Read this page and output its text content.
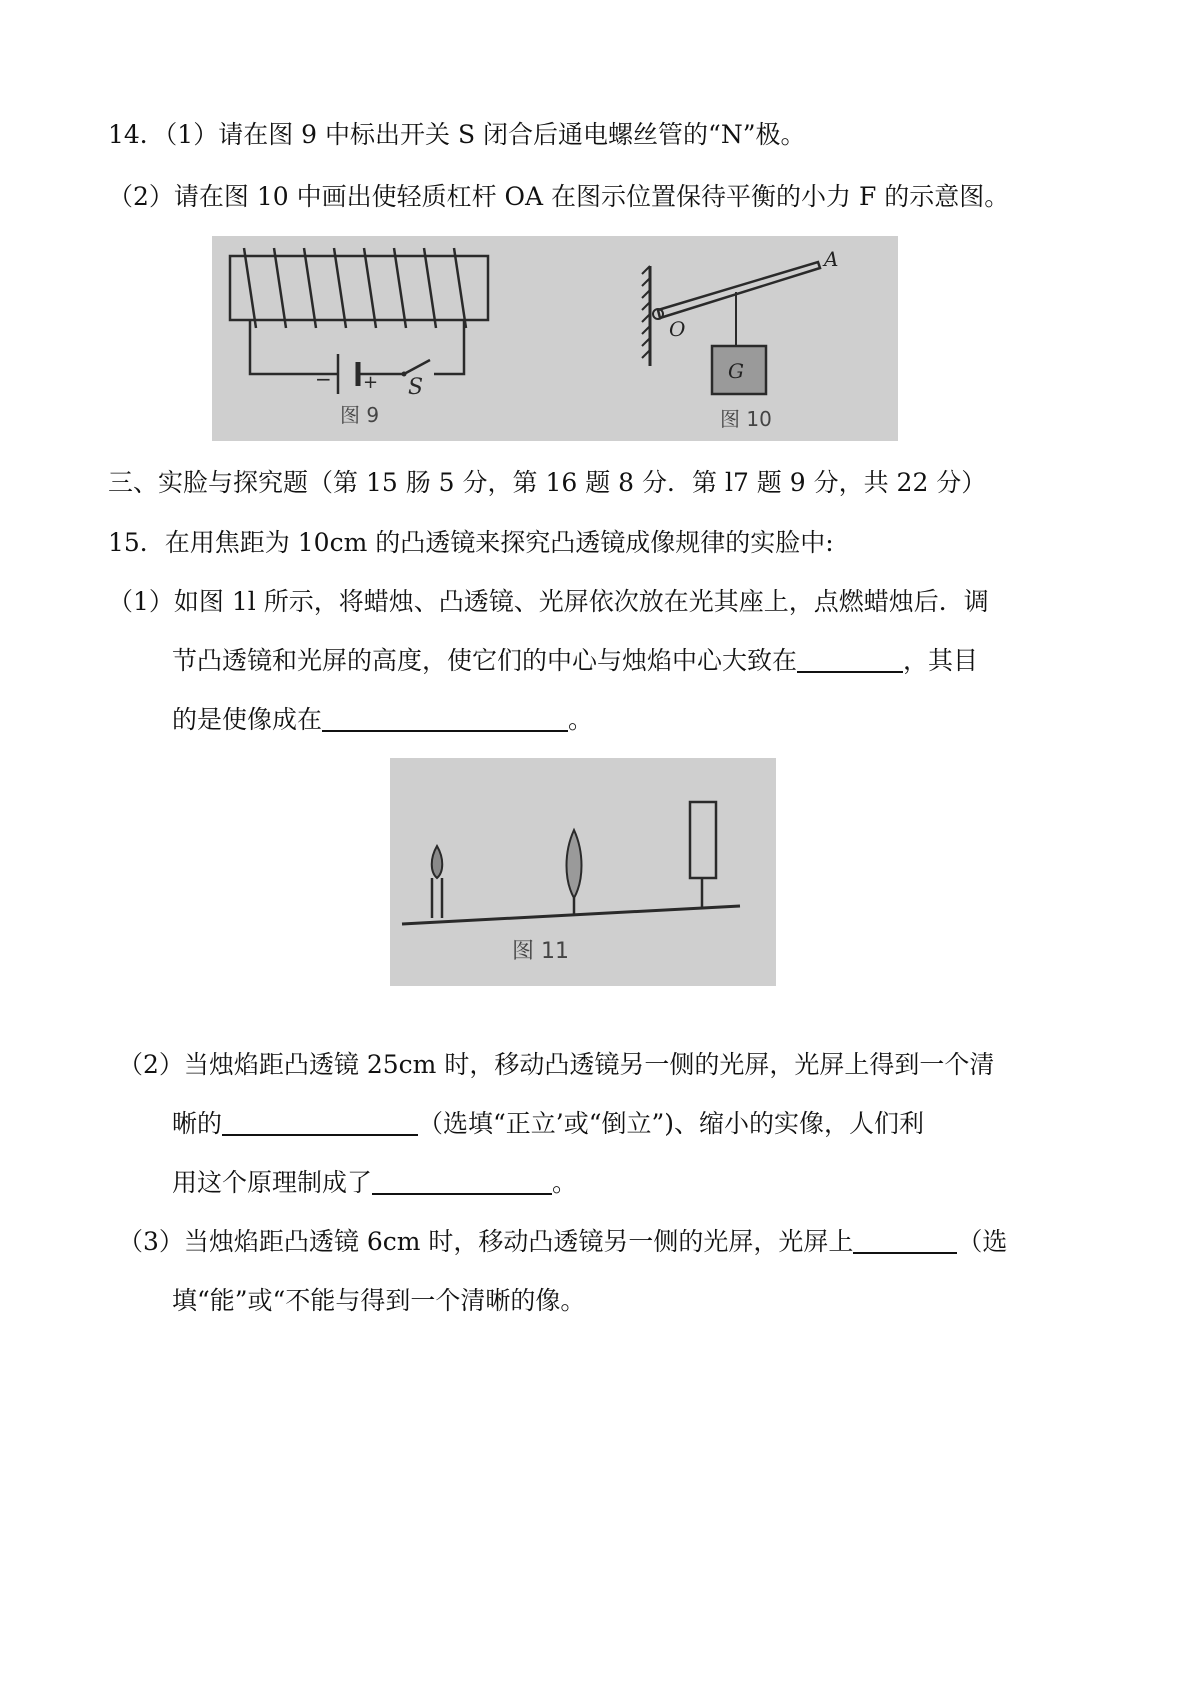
14．（1）请在图 9 中标出开关 S 闭合后通电螺丝管的“N”极。
（2）请在图 10 中画出使轻质杠杆 OA 在图示位置保待平衡的小力 F 的示意图。
− + S
图 9
G
O
A
图 10
三、实脸与探究题（第 15 肠 5 分，第 16 题 8 分．第 l7 题 9 分，共 22 分）
15．在用焦距为 10cm 的凸透镜来探究凸透镜成像规律的实脸中:
（1）如图 1l 所示，将蜡烛、凸透镜、光屏依次放在光其座上，点燃蜡烛后．调
节凸透镜和光屏的高度，使它们的中心与烛焰中心大致在	，其目
的是使像成在	。
图 11
（2）当烛焰距凸透镜 25cm 时，移动凸透镜另一侧的光屏，光屏上得到一个清
晰的	（选填“正立’或“倒立”)、缩小的实像，人们利
用这个原理制成了	。
（3）当烛焰距凸透镜 6cm 时，移动凸透镜另一侧的光屏，光屏上	（选
填“能”或“不能与得到一个清晰的像。
